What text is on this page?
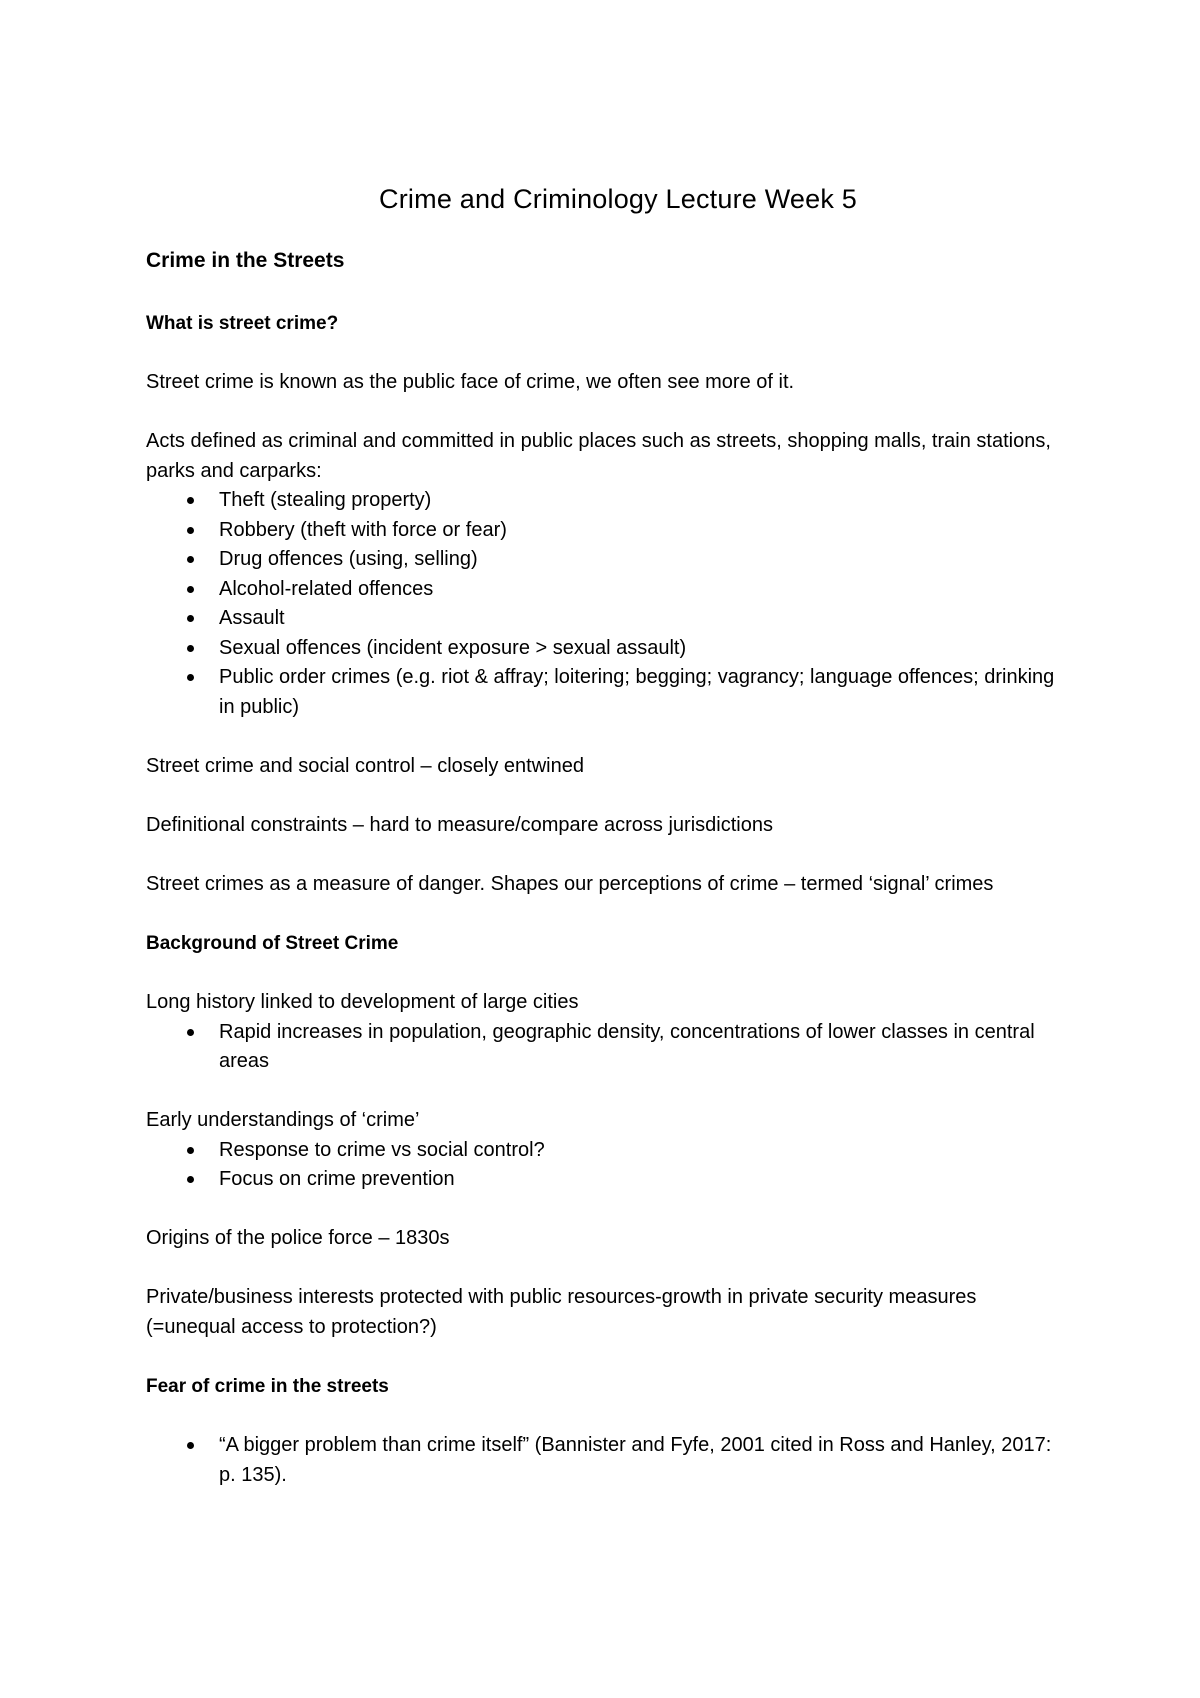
Crime and Criminology Lecture Week 5
Crime in the Streets
What is street crime?

Street crime is known as the public face of crime, we often see more of it.

Acts defined as criminal and committed in public places such as streets, shopping malls, train stations, parks and carparks:

Theft (stealing property)
Robbery (theft with force or fear)
Drug offences (using, selling)
Alcohol-related offences
Assault
Sexual offences (incident exposure > sexual assault)
Public order crimes (e.g. riot & affray; loitering; begging; vagrancy; language offences; drinking in public)

Street crime and social control – closely entwined

Definitional constraints – hard to measure/compare across jurisdictions

Street crimes as a measure of danger. Shapes our perceptions of crime – termed ‘signal’ crimes

Background of Street Crime

Long history linked to development of large cities

Rapid increases in population, geographic density, concentrations of lower classes in central areas

Early understandings of ‘crime’

Response to crime vs social control?
Focus on crime prevention

Origins of the police force – 1830s

Private/business interests protected with public resources-growth in private security measures (=unequal access to protection?)

Fear of crime in the streets
“A bigger problem than crime itself” (Bannister and Fyfe, 2001 cited in Ross and Hanley, 2017: p. 135).
